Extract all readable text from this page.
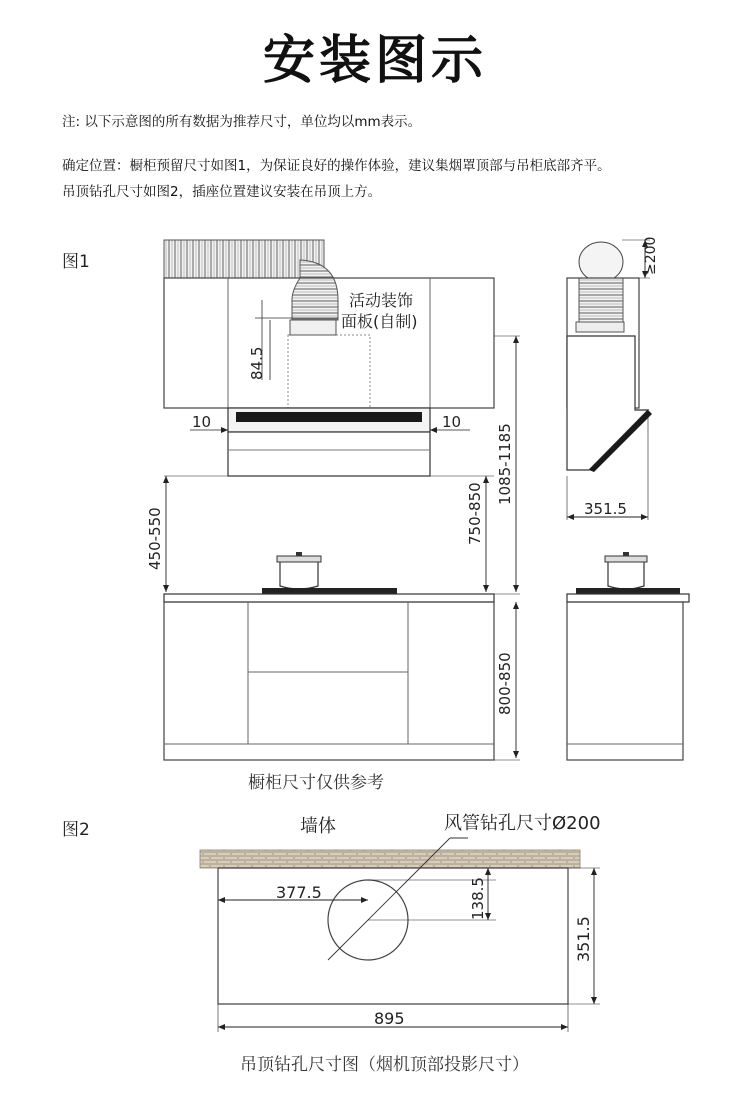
安装图示
注: 以下示意图的所有数据为推荐尺寸，单位均以mm表示。
确定位置：橱柜预留尺寸如图1，为保证良好的操作体验，建议集烟罩顶部与吊柜底部齐平。
吊顶钻孔尺寸如图2，插座位置建议安装在吊顶上方。
图1
图2
活动装饰
面板(自制)
84.5
10	10
450-550	750-850
1085-1185
800-850
≥200
351.5
墙体	风管钻孔尺寸Ø200
377.5	138.5
351.5
895
橱柜尺寸仅供参考
吊顶钻孔尺寸图（烟机顶部投影尺寸）
